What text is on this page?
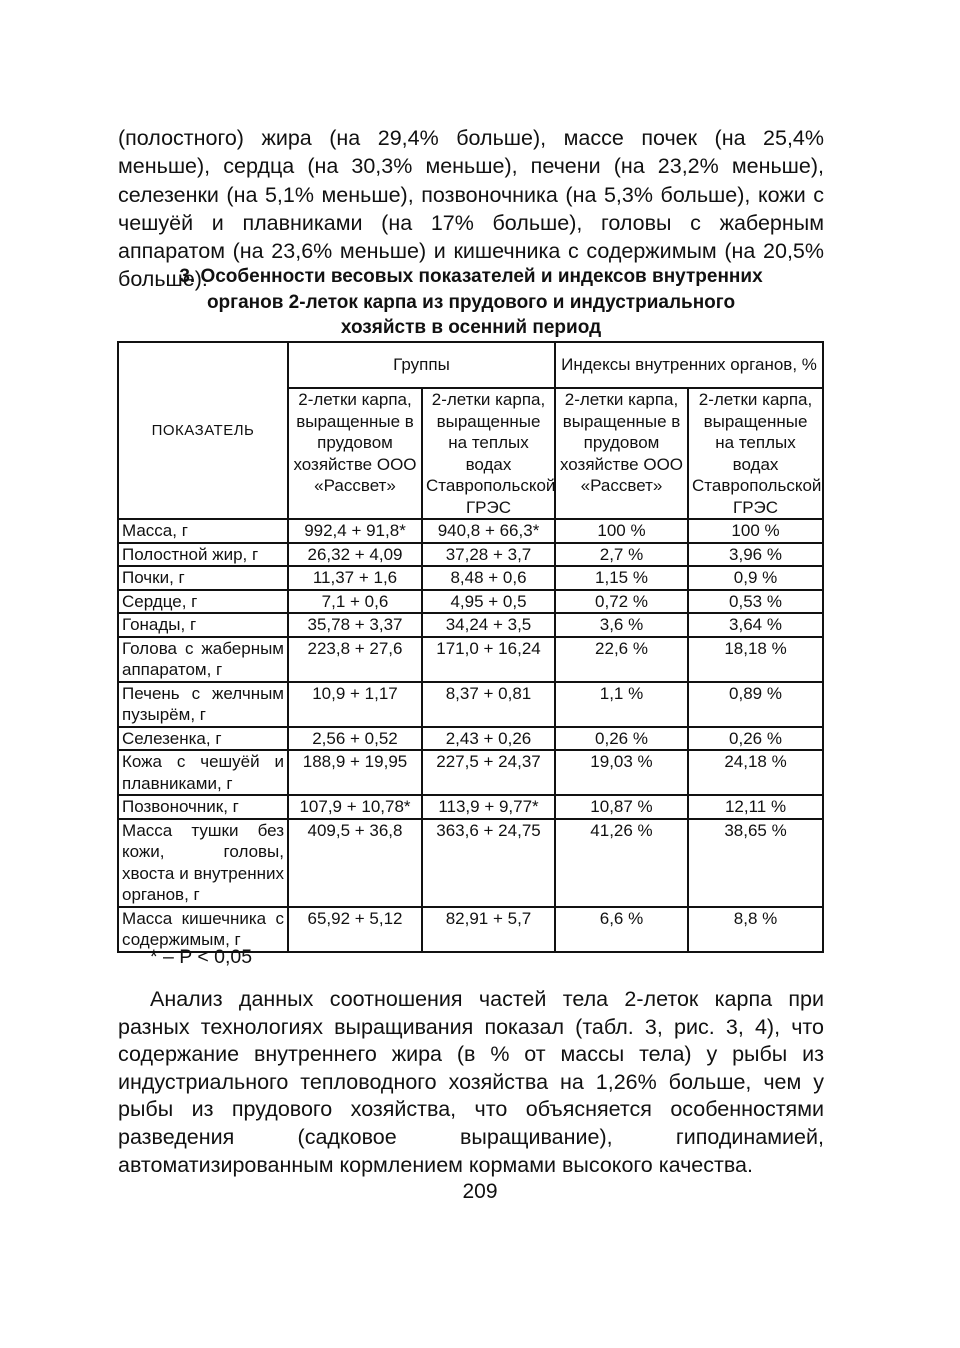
(полостного) жира (на 29,4% больше), массе почек (на 25,4% меньше), сердца (на 30,3% меньше), печени (на 23,2% меньше), селезенки (на 5,1% меньше), позвоночника (на 5,3% больше), кожи с чешуёй и плавниками (на 17% больше), головы с жаберным аппаратом (на 23,6% меньше) и кишечника с содержимым (на 20,5% больше).

3. Особенности весовых показателей и индексов внутренних
органов 2-леток карпа из прудового и индустриального
хозяйств в осенний период
ПОКАЗАТЕЛЬ	Группы		Индексы внутренних органов, %	
	2-летки карпа, выращенные в прудовом хозяйстве ООО «Рассвет»	2-летки карпа, выращенные на теплых водах Ставропольской ГРЭС	2-летки карпа, выращенные в прудовом хозяйстве ООО «Рассвет»	2-летки карпа, выращенные на теплых водах Ставропольской ГРЭС
Масса, г	992,4 + 91,8*	940,8 + 66,3*	100 %	100 %
Полостной жир, г	26,32 + 4,09	37,28 + 3,7	2,7 %	3,96 %
Почки, г	11,37 + 1,6	8,48 + 0,6	1,15 %	0,9 %
Сердце, г	7,1 + 0,6	4,95 + 0,5	0,72 %	0,53 %
Гонады, г	35,78 + 3,37	34,24 + 3,5	3,6 %	3,64 %
Голова с жаберным аппаратом, г	223,8 + 27,6	171,0 + 16,24	22,6 %	18,18 %
Печень с желчным пузырём, г	10,9 + 1,17	8,37 + 0,81	1,1 %	0,89 %
Селезенка, г	2,56 + 0,52	2,43 + 0,26	0,26 %	0,26 %
Кожа с чешуёй и плавниками, г	188,9 + 19,95	227,5 + 24,37	19,03 %	24,18 %
Позвоночник, г	107,9 + 10,78*	113,9 + 9,77*	10,87 %	12,11 %
Масса тушки без кожи, головы, хвоста и внутренних органов, г	409,5 + 36,8	363,6 + 24,75	41,26 %	38,65 %
Масса кишечника с содержимым, г	65,92 + 5,12	82,91 + 5,7	6,6 %	8,8 %

* – P < 0,05

Анализ данных соотношения частей тела 2-леток карпа при разных технологиях выращивания показал (табл. 3, рис. 3, 4), что содержание внутреннего жира (в % от массы тела) у рыбы из индустриального тепловодного хозяйства на 1,26% больше, чем у рыбы из прудового хозяйства, что объясняется особенностями разведения (садковое выращивание), гиподинамией, автоматизированным кормлением кормами высокого качества.

209
